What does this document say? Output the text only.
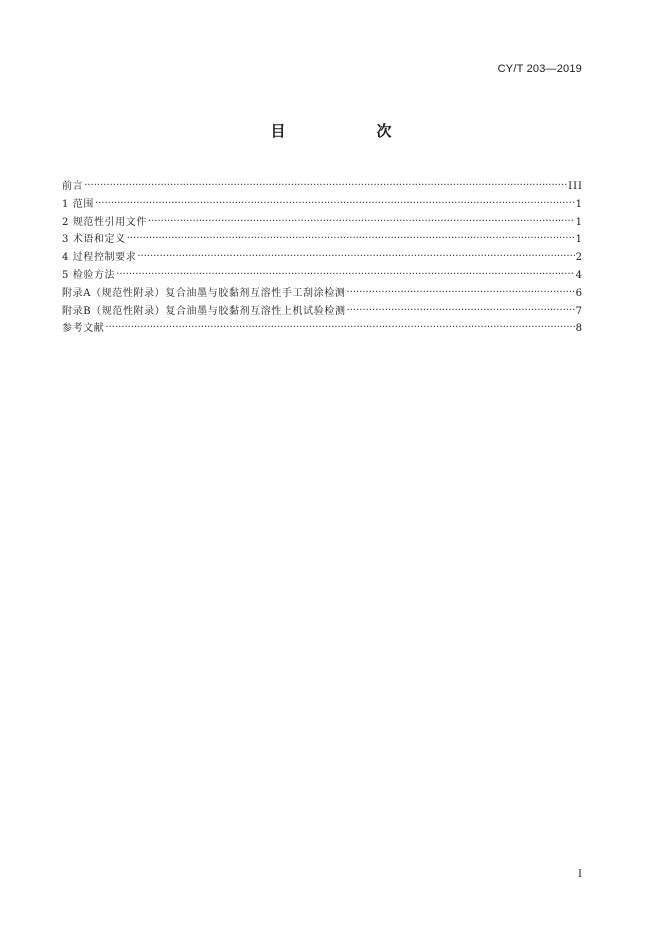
CY/T 203—2019
目　次
前言 ·····	III
1 范围 ·····	1
2 规范性引用文件 ·····	1
3 术语和定义 ·····	1
4 过程控制要求 ·····	2
5 检验方法 ·····	4
附录A（规范性附录）复合油墨与胶黏剂互溶性手工刮涂检测 ·····	6
附录B（规范性附录）复合油墨与胶黏剂互溶性上机试验检测 ·····	7
参考文献 ·····	8
I
